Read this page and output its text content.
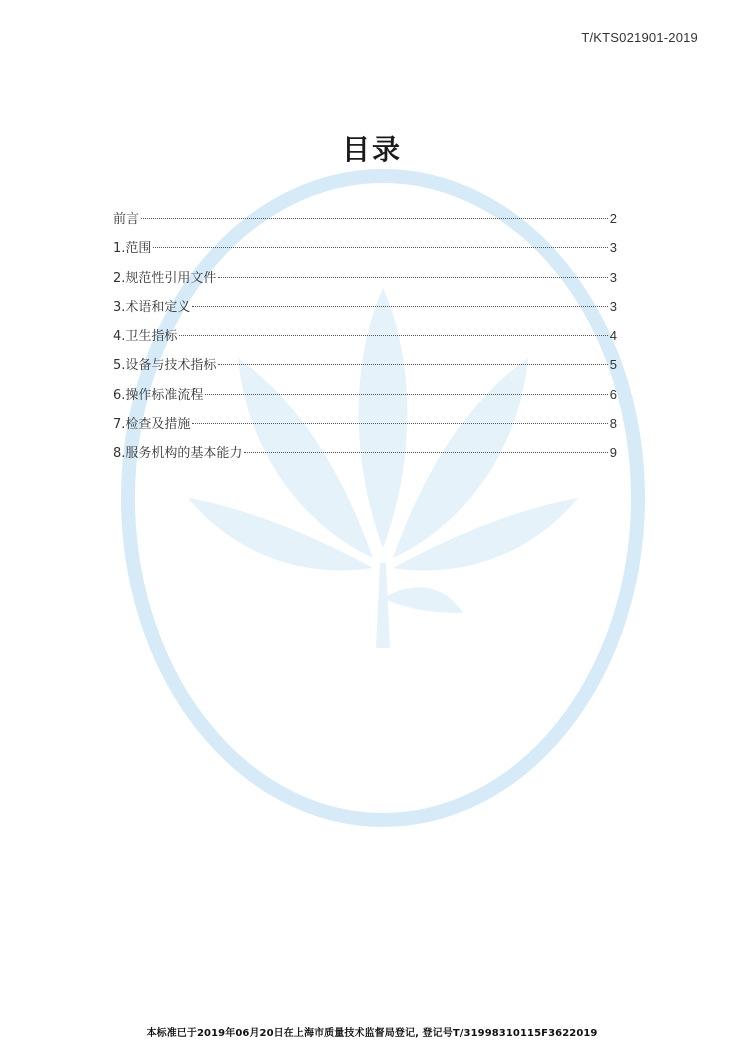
T/KTS021901-2019
目录
前言	2
1.范围	3
2.规范性引用文件	3
3.术语和定义	3
4.卫生指标	4
5.设备与技术指标	5
6.操作标准流程	6
7.检查及措施	8
8.服务机构的基本能力	9
本标准已于2019年06月20日在上海市质量技术监督局登记, 登记号T/31998310115F3622019
